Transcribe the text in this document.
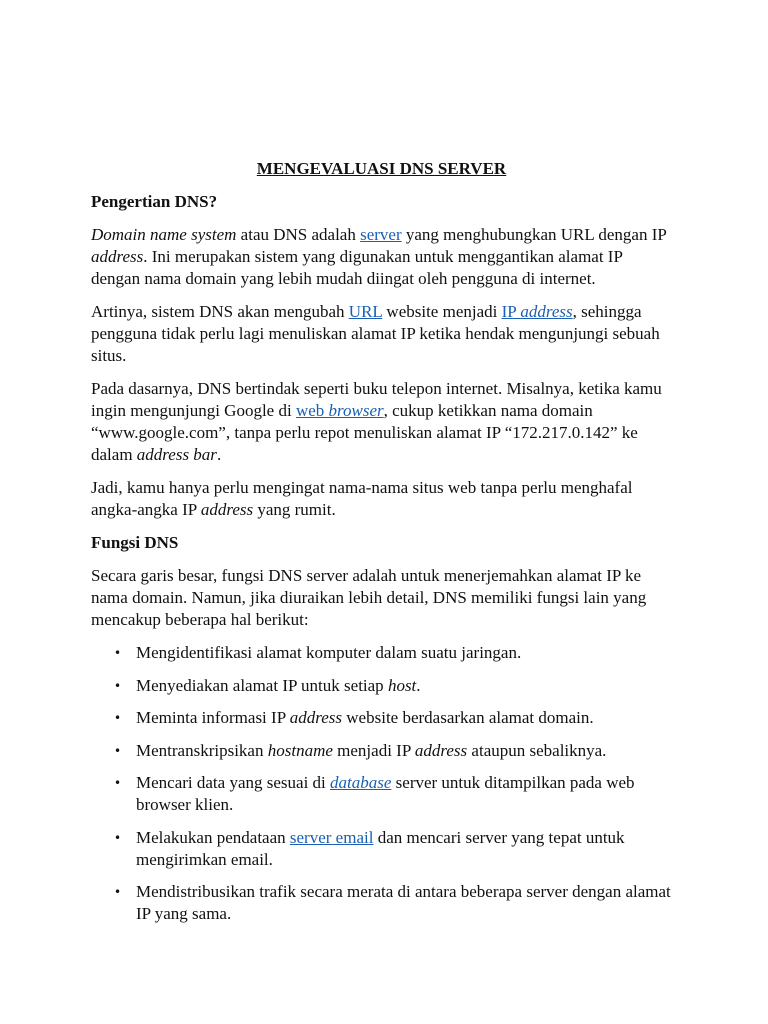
MENGEVALUASI DNS SERVER
Pengertian DNS?

Domain name system atau DNS adalah server yang menghubungkan URL dengan IP address. Ini merupakan sistem yang digunakan untuk menggantikan alamat IP dengan nama domain yang lebih mudah diingat oleh pengguna di internet.

Artinya, sistem DNS akan mengubah URL website menjadi IP address, sehingga pengguna tidak perlu lagi menuliskan alamat IP ketika hendak mengunjungi sebuah situs.

Pada dasarnya, DNS bertindak seperti buku telepon internet. Misalnya, ketika kamu ingin mengunjungi Google di web browser, cukup ketikkan nama domain “www.google.com”, tanpa perlu repot menuliskan alamat IP “172.217.0.142” ke dalam address bar.

Jadi, kamu hanya perlu mengingat nama-nama situs web tanpa perlu menghafal angka-angka IP address yang rumit.

Fungsi DNS

Secara garis besar, fungsi DNS server adalah untuk menerjemahkan alamat IP ke nama domain. Namun, jika diuraikan lebih detail, DNS memiliki fungsi lain yang mencakup beberapa hal berikut:

• Mengidentifikasi alamat komputer dalam suatu jaringan.
• Menyediakan alamat IP untuk setiap host.
• Meminta informasi IP address website berdasarkan alamat domain.
• Mentranskripsikan hostname menjadi IP address ataupun sebaliknya.
• Mencari data yang sesuai di database server untuk ditampilkan pada web browser klien.
• Melakukan pendataan server email dan mencari server yang tepat untuk mengirimkan email.
• Mendistribusikan trafik secara merata di antara beberapa server dengan alamat IP yang sama.
